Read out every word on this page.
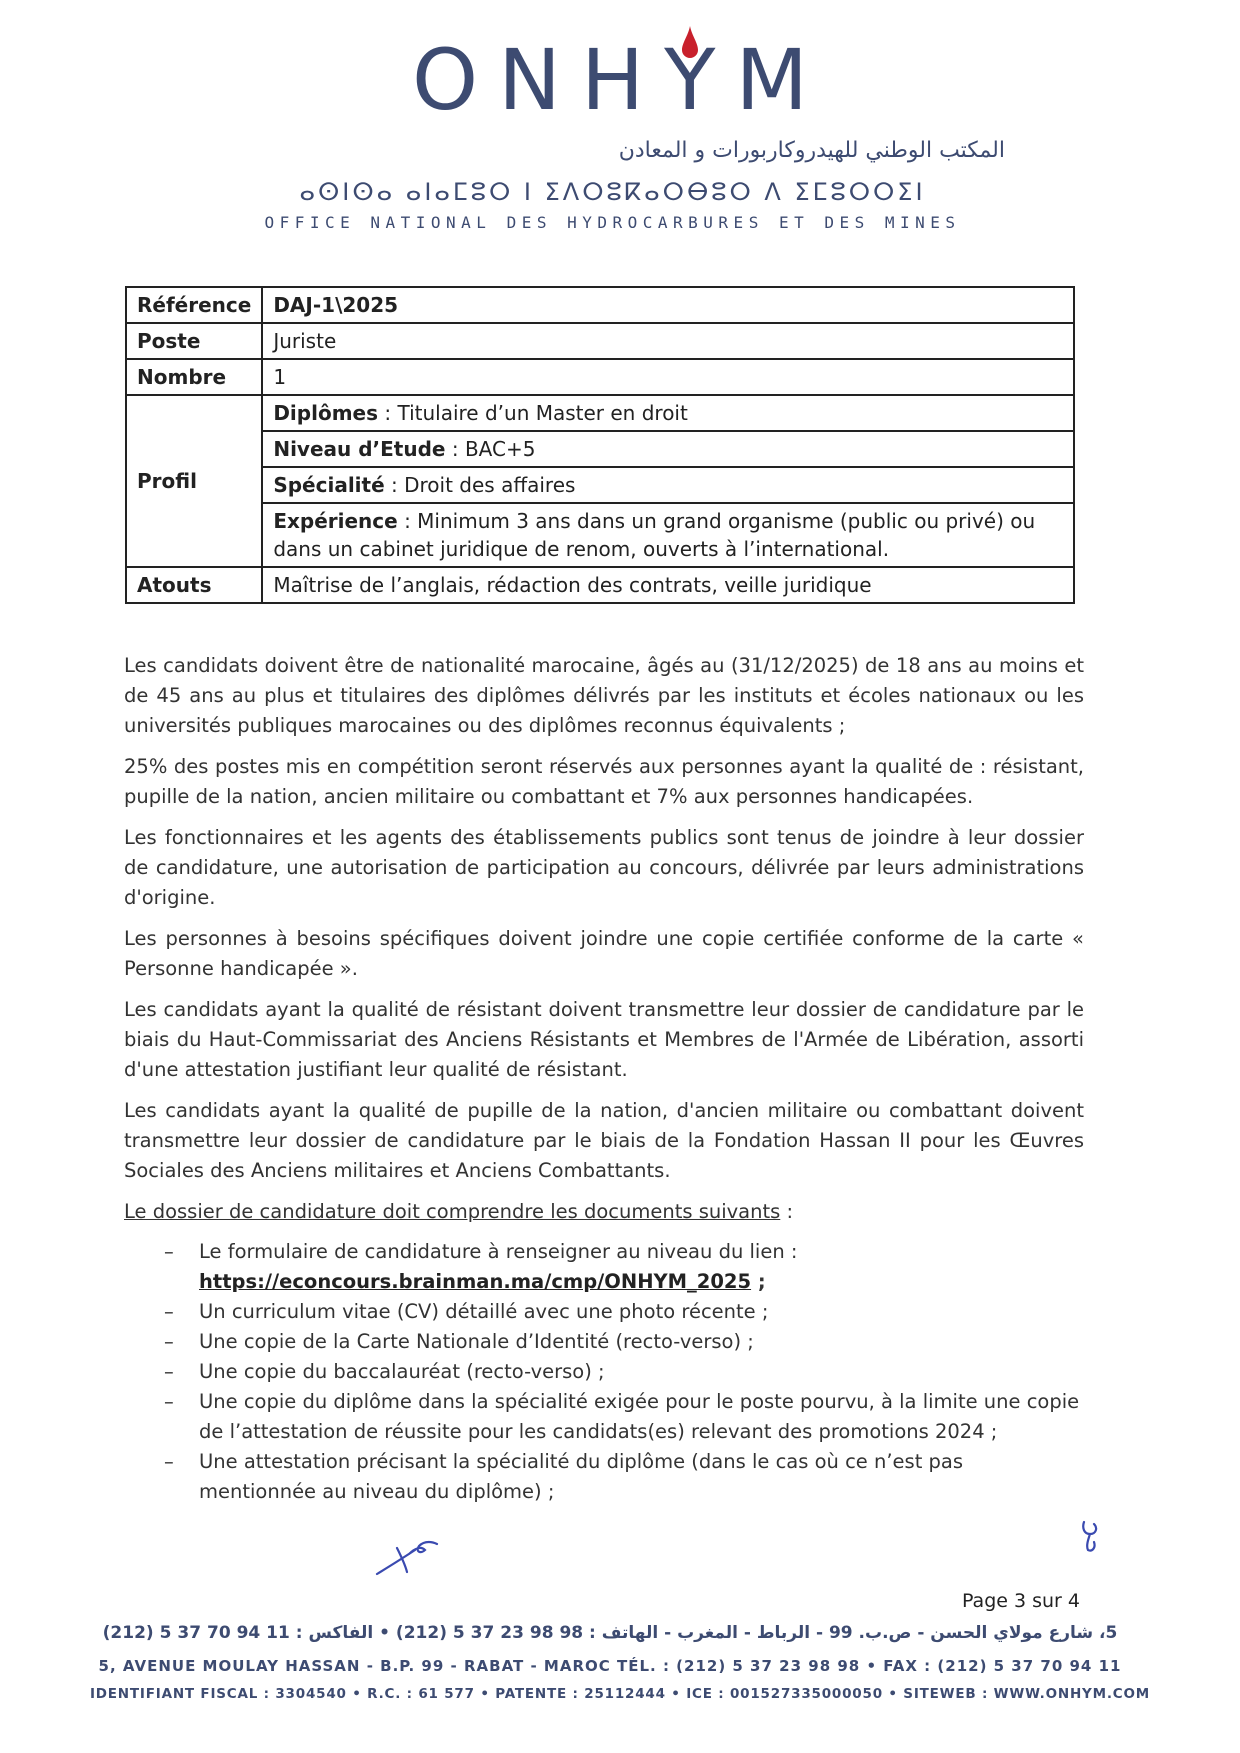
ONHYM
المكتب الوطني للهيدروكاربورات و المعادن
ⴰⵙⵏⵙⴰ ⴰⵏⴰⵎⵓⵔ ⵏ ⵉⴷⵔⵓⴽⴰⵔⴱⵓⵔ ⴷ ⵉⵎⵓⵔⵔⵉⵏ
OFFICE NATIONAL DES HYDROCARBURES ET DES MINES
Référence	DAJ-1\2025
Poste	Juriste
Nombre	1
Profil	Diplômes : Titulaire d’un Master en droit
	Niveau d’Etude : BAC+5
	Spécialité : Droit des affaires
	Expérience : Minimum 3 ans dans un grand organisme (public ou privé) ou dans un cabinet juridique de renom, ouverts à l’international.
Atouts	Maîtrise de l’anglais, rédaction des contrats, veille juridique

Les candidats doivent être de nationalité marocaine, âgés au (31/12/2025) de 18 ans au moins et de 45 ans au plus et titulaires des diplômes délivrés par les instituts et écoles nationaux ou les universités publiques marocaines ou des diplômes reconnus équivalents ;

25% des postes mis en compétition seront réservés aux personnes ayant la qualité de : résistant, pupille de la nation, ancien militaire ou combattant et 7% aux personnes handicapées.

Les fonctionnaires et les agents des établissements publics sont tenus de joindre à leur dossier de candidature, une autorisation de participation au concours, délivrée par leurs administrations d'origine.

Les personnes à besoins spécifiques doivent joindre une copie certifiée conforme de la carte « Personne handicapée ».

Les candidats ayant la qualité de résistant doivent transmettre leur dossier de candidature par le biais du Haut-Commissariat des Anciens Résistants et Membres de l'Armée de Libération, assorti d'une attestation justifiant leur qualité de résistant.

Les candidats ayant la qualité de pupille de la nation, d'ancien militaire ou combattant doivent transmettre leur dossier de candidature par le biais de la Fondation Hassan II pour les Œuvres Sociales des Anciens militaires et Anciens Combattants.

Le dossier de candidature doit comprendre les documents suivants :
– Le formulaire de candidature à renseigner au niveau du lien :
https://econcours.brainman.ma/cmp/ONHYM_2025 ;
– Un curriculum vitae (CV) détaillé avec une photo récente ;
– Une copie de la Carte Nationale d’Identité (recto-verso) ;
– Une copie du baccalauréat (recto-verso) ;
– Une copie du diplôme dans la spécialité exigée pour le poste pourvu, à la limite une copie de l’attestation de réussite pour les candidats(es) relevant des promotions 2024 ;
– Une attestation précisant la spécialité du diplôme (dans le cas où ce n’est pas mentionnée au niveau du diplôme) ;
Page 3 sur 4
5، شارع مولاي الحسن - ص.ب. 99 - الرباط - المغرب - الهاتف : 98 98 23 37 5 (212) • الفاكس : 11 94 70 37 5 (212)
5, AVENUE MOULAY HASSAN - B.P. 99 - RABAT - MAROC TÉL. : (212) 5 37 23 98 98 • FAX : (212) 5 37 70 94 11
IDENTIFIANT FISCAL : 3304540 • R.C. : 61 577 • PATENTE : 25112444 • ICE : 001527335000050 • SITEWEB : WWW.ONHYM.COM
